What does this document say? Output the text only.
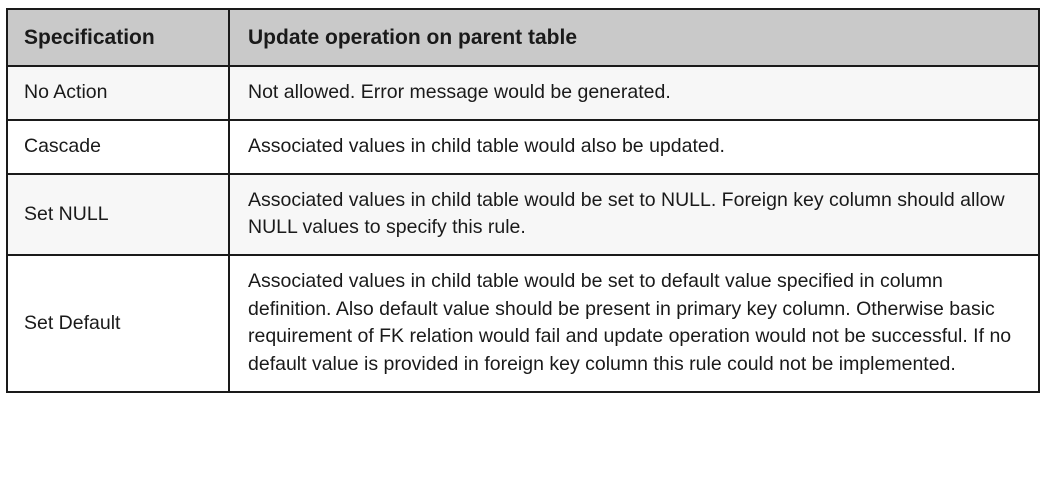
Specification	Update operation on parent table
No Action	Not allowed. Error message would be generated.
Cascade	Associated values in child table would also be updated.
Set NULL	Associated values in child table would be set to NULL. Foreign key column should allow NULL values to specify this rule.
Set Default	Associated values in child table would be set to default value specified in column definition. Also default value should be present in primary key column. Otherwise basic requirement of FK relation would fail and update operation would not be successful. If no default value is provided in foreign key column this rule could not be implemented.
